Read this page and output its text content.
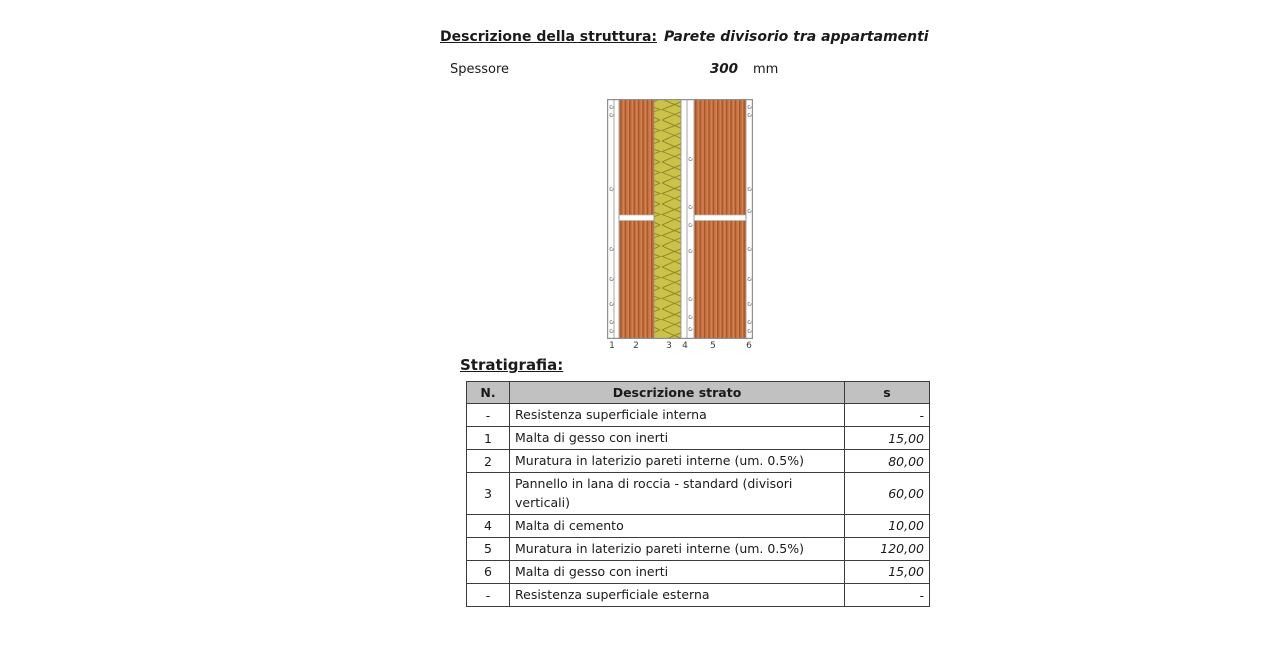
Descrizione della struttura: Parete divisorio tra appartamenti
Spessore	300 mm
1 2	3 4 5	6
Stratigrafia:
N.	Descrizione strato	s
-	Resistenza superficiale interna	-
1	Malta di gesso con inerti	15,00
2	Muratura in laterizio pareti interne (um. 0.5%)	80,00
3	Pannello in lana di roccia - standard (divisori verticali)	60,00
4	Malta di cemento	10,00
5	Muratura in laterizio pareti interne (um. 0.5%)	120,00
6	Malta di gesso con inerti	15,00
-	Resistenza superficiale esterna	-
